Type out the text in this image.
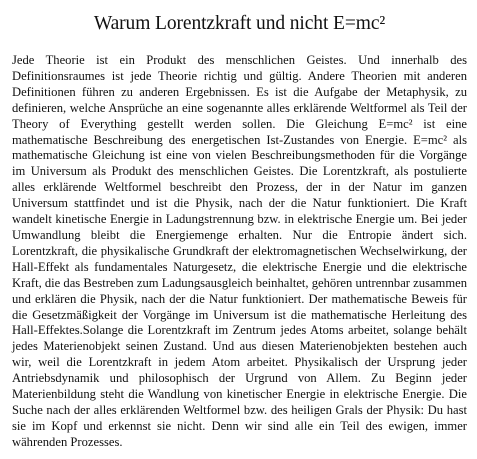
Warum Lorentzkraft und nicht E=mc²

Jede Theorie ist ein Produkt des menschlichen Geistes. Und innerhalb des Definitionsraumes ist jede Theorie richtig und gültig. Andere Theorien mit anderen Definitionen führen zu anderen Ergebnissen. Es ist die Aufgabe der Metaphysik, zu definieren, welche Ansprüche an eine sogenannte alles erklärende Weltformel als Teil der Theory of Everything gestellt werden sollen. Die Gleichung E=mc² ist eine mathematische Beschreibung des energetischen Ist-Zustandes von Energie. E=mc² als mathematische Gleichung ist eine von vielen Beschreibungsmethoden für die Vorgänge im Universum als Produkt des menschlichen Geistes. Die Lorentzkraft, als postulierte alles erklärende Weltformel beschreibt den Prozess, der in der Natur im ganzen Universum stattfindet und ist die Physik, nach der die Natur funktioniert. Die Kraft wandelt kinetische Energie in Ladungstrennung bzw. in elektrische Energie um. Bei jeder Umwandlung bleibt die Energiemenge erhalten. Nur die Entropie ändert sich. Lorentzkraft, die physikalische Grundkraft der elektromagnetischen Wechselwirkung, der Hall-Effekt als fundamentales Naturgesetz, die elektrische Energie und die elektrische Kraft, die das Bestreben zum Ladungsausgleich beinhaltet, gehören untrennbar zusammen und erklären die Physik, nach der die Natur funktioniert. Der mathematische Beweis für die Gesetzmäßigkeit der Vorgänge im Universum ist die mathematische Herleitung des Hall-Effektes.Solange die Lorentzkraft im Zentrum jedes Atoms arbeitet, solange behält jedes Materienobjekt seinen Zustand. Und aus diesen Materienobjekten bestehen auch wir, weil die Lorentzkraft in jedem Atom arbeitet. Physikalisch der Ursprung jeder Antriebsdynamik und philosophisch der Urgrund von Allem. Zu Beginn jeder Materienbildung steht die Wandlung von kinetischer Energie in elektrische Energie. Die Suche nach der alles erklärenden Weltformel bzw. des heiligen Grals der Physik: Du hast sie im Kopf und erkennst sie nicht. Denn wir sind alle ein Teil des ewigen, immer währenden Prozesses.
